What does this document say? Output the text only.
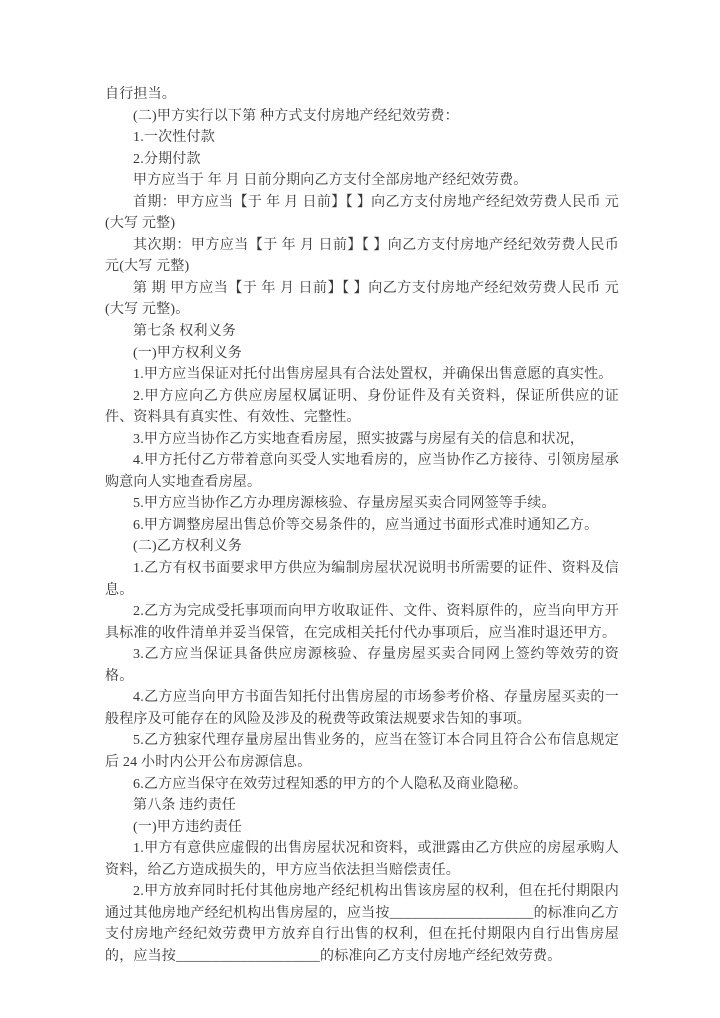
自行担当。

(二)甲方实行以下第 种方式支付房地产经纪效劳费：

1.一次性付款

2.分期付款

甲方应当于 年 月 日前分期向乙方支付全部房地产经纪效劳费。

首期：甲方应当【于 年 月 日前】【 】向乙方支付房地产经纪效劳费人民币 元(大写 元整)

其次期：甲方应当【于 年 月 日前】【 】向乙方支付房地产经纪效劳费人民币 元(大写 元整)

第 期 甲方应当【于 年 月 日前】【 】向乙方支付房地产经纪效劳费人民币 元(大写 元整)。

第七条 权利义务

(一)甲方权利义务

1.甲方应当保证对托付出售房屋具有合法处置权，并确保出售意愿的真实性。

2.甲方应向乙方供应房屋权属证明、身份证件及有关资料，保证所供应的证件、资料具有真实性、有效性、完整性。

3.甲方应当协作乙方实地查看房屋，照实披露与房屋有关的信息和状况，

4.甲方托付乙方带着意向买受人实地看房的，应当协作乙方接待、引领房屋承购意向人实地查看房屋。

5.甲方应当协作乙方办理房源核验、存量房屋买卖合同网签等手续。

6.甲方调整房屋出售总价等交易条件的，应当通过书面形式准时通知乙方。

(二)乙方权利义务

1.乙方有权书面要求甲方供应为编制房屋状况说明书所需要的证件、资料及信息。

2.乙方为完成受托事项而向甲方收取证件、文件、资料原件的，应当向甲方开具标准的收件清单并妥当保管，在完成相关托付代办事项后，应当准时退还甲方。

3.乙方应当保证具备供应房源核验、存量房屋买卖合同网上签约等效劳的资格。

4.乙方应当向甲方书面告知托付出售房屋的市场参考价格、存量房屋买卖的一般程序及可能存在的风险及涉及的税费等政策法规要求告知的事项。

5.乙方独家代理存量房屋出售业务的，应当在签订本合同且符合公布信息规定后 24 小时内公开公布房源信息。

6.乙方应当保守在效劳过程知悉的甲方的个人隐私及商业隐秘。

第八条 违约责任

(一)甲方违约责任

1.甲方有意供应虚假的出售房屋状况和资料，或泄露由乙方供应的房屋承购人资料，给乙方造成损失的，甲方应当依法担当赔偿责任。

2.甲方放弃同时托付其他房地产经纪机构出售该房屋的权利，但在托付期限内通过其他房地产经纪机构出售房屋的，应当按____________________的标准向乙方支付房地产经纪效劳费甲方放弃自行出售的权利，但在托付期限内自行出售房屋的，应当按____________________的标准向乙方支付房地产经纪效劳费。
